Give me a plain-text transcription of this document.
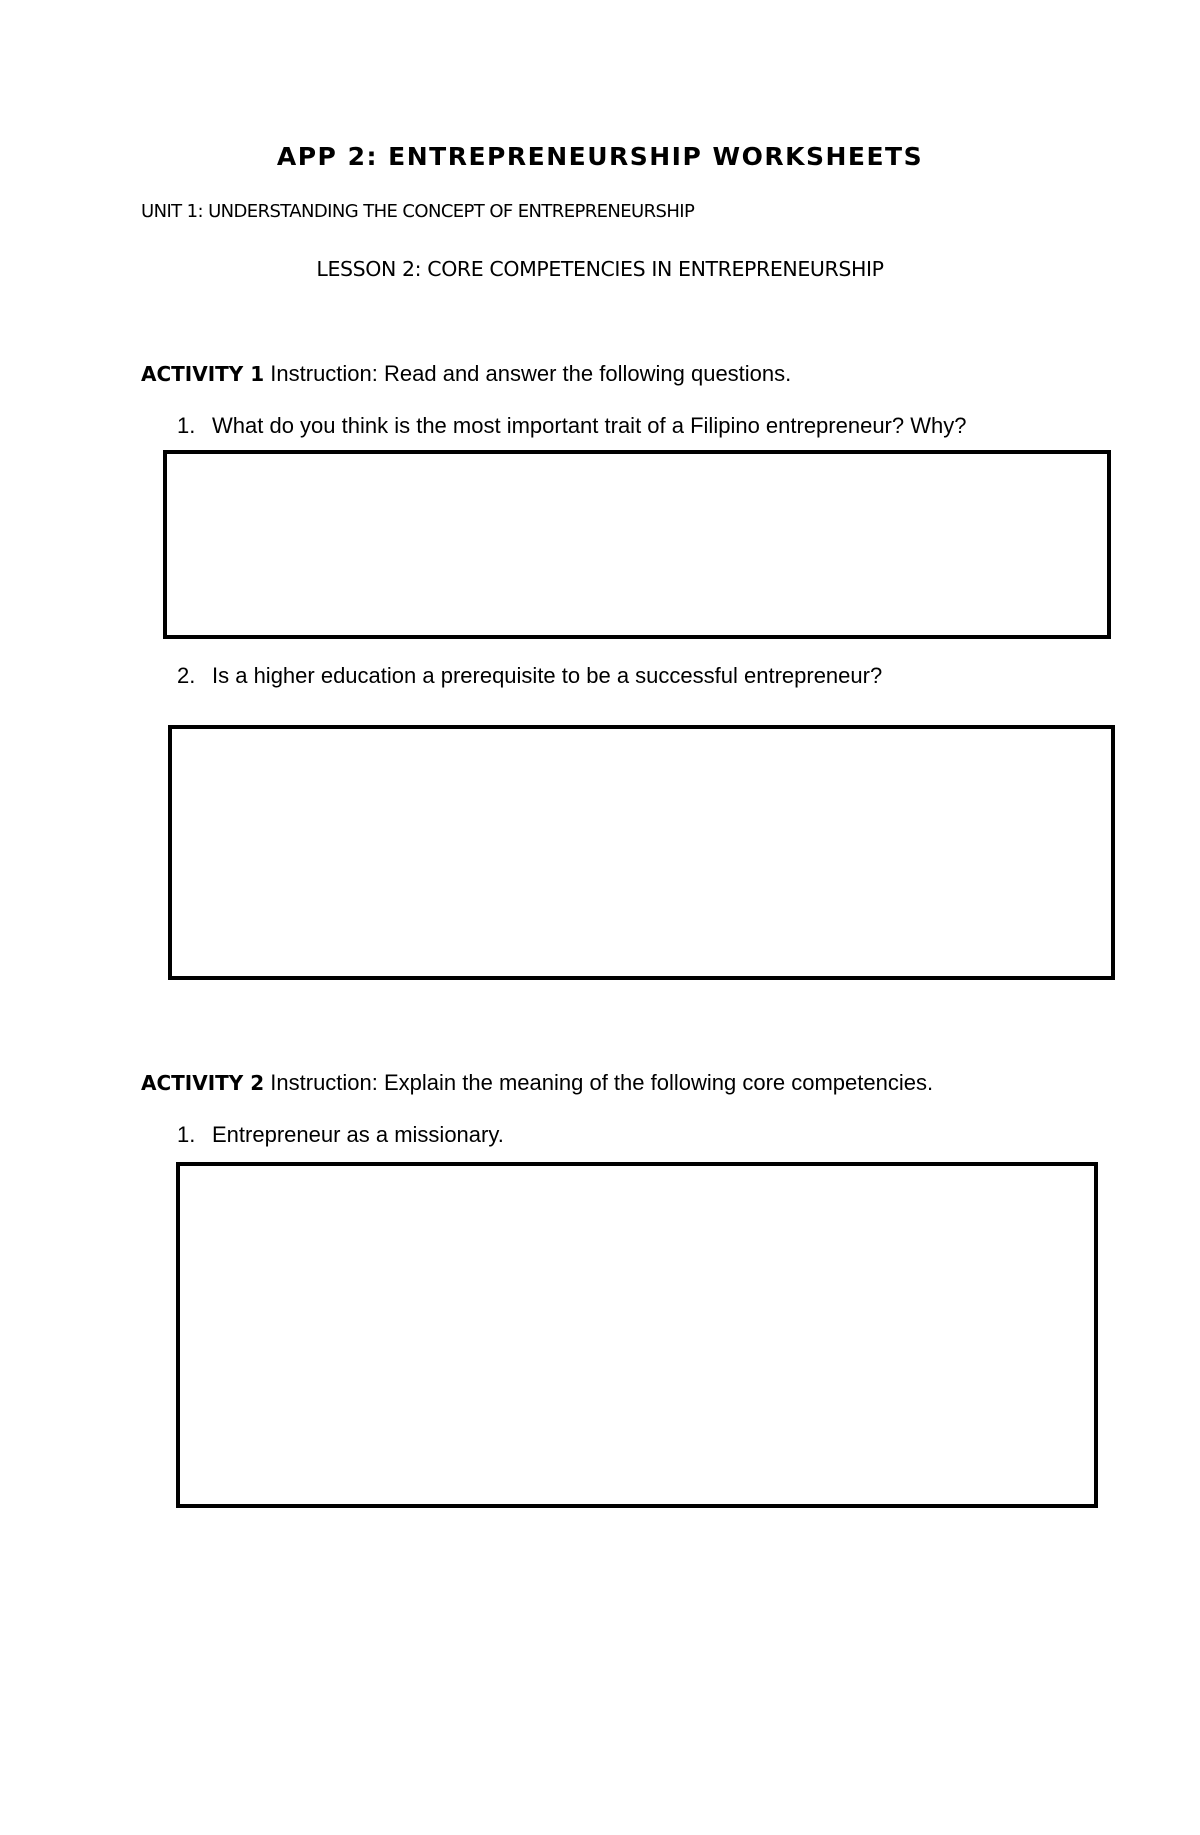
APP 2: ENTREPRENEURSHIP WORKSHEETS
UNIT 1: UNDERSTANDING THE CONCEPT OF ENTREPRENEURSHIP
LESSON 2: CORE COMPETENCIES IN ENTREPRENEURSHIP
ACTIVITY 1 Instruction: Read and answer the following questions.
1. What do you think is the most important trait of a Filipino entrepreneur? Why?
2. Is a higher education a prerequisite to be a successful entrepreneur?
ACTIVITY 2 Instruction: Explain the meaning of the following core competencies.
1. Entrepreneur as a missionary.
